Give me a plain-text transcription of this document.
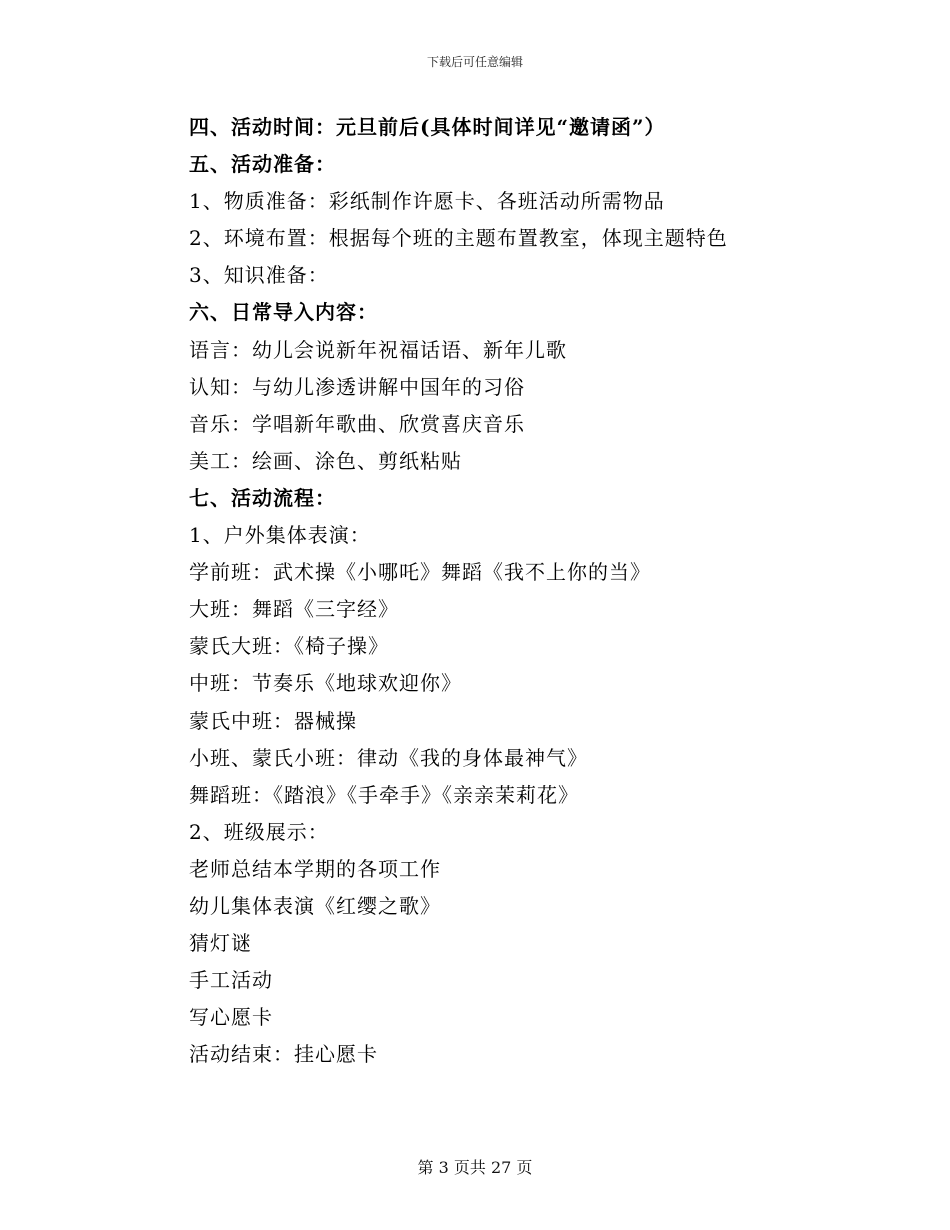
下载后可任意编辑
四、活动时间：元旦前后(具体时间详见“邀请函”）
五、活动准备：
1、物质准备：彩纸制作许愿卡、各班活动所需物品
2、环境布置：根据每个班的主题布置教室，体现主题特色
3、知识准备：
六、日常导入内容：
语言：幼儿会说新年祝福话语、新年儿歌
认知：与幼儿渗透讲解中国年的习俗
音乐：学唱新年歌曲、欣赏喜庆音乐
美工：绘画、涂色、剪纸粘贴
七、活动流程：
1、户外集体表演：
学前班：武术操《小哪吒》舞蹈《我不上你的当》
大班：舞蹈《三字经》
蒙氏大班：《椅子操》
中班：节奏乐《地球欢迎你》
蒙氏中班：器械操
小班、蒙氏小班：律动《我的身体最神气》
舞蹈班：《踏浪》《手牵手》《亲亲茉莉花》
2、班级展示：
老师总结本学期的各项工作
幼儿集体表演《红缨之歌》
猜灯谜
手工活动
写心愿卡
活动结束：挂心愿卡
第 3 页共 27 页
